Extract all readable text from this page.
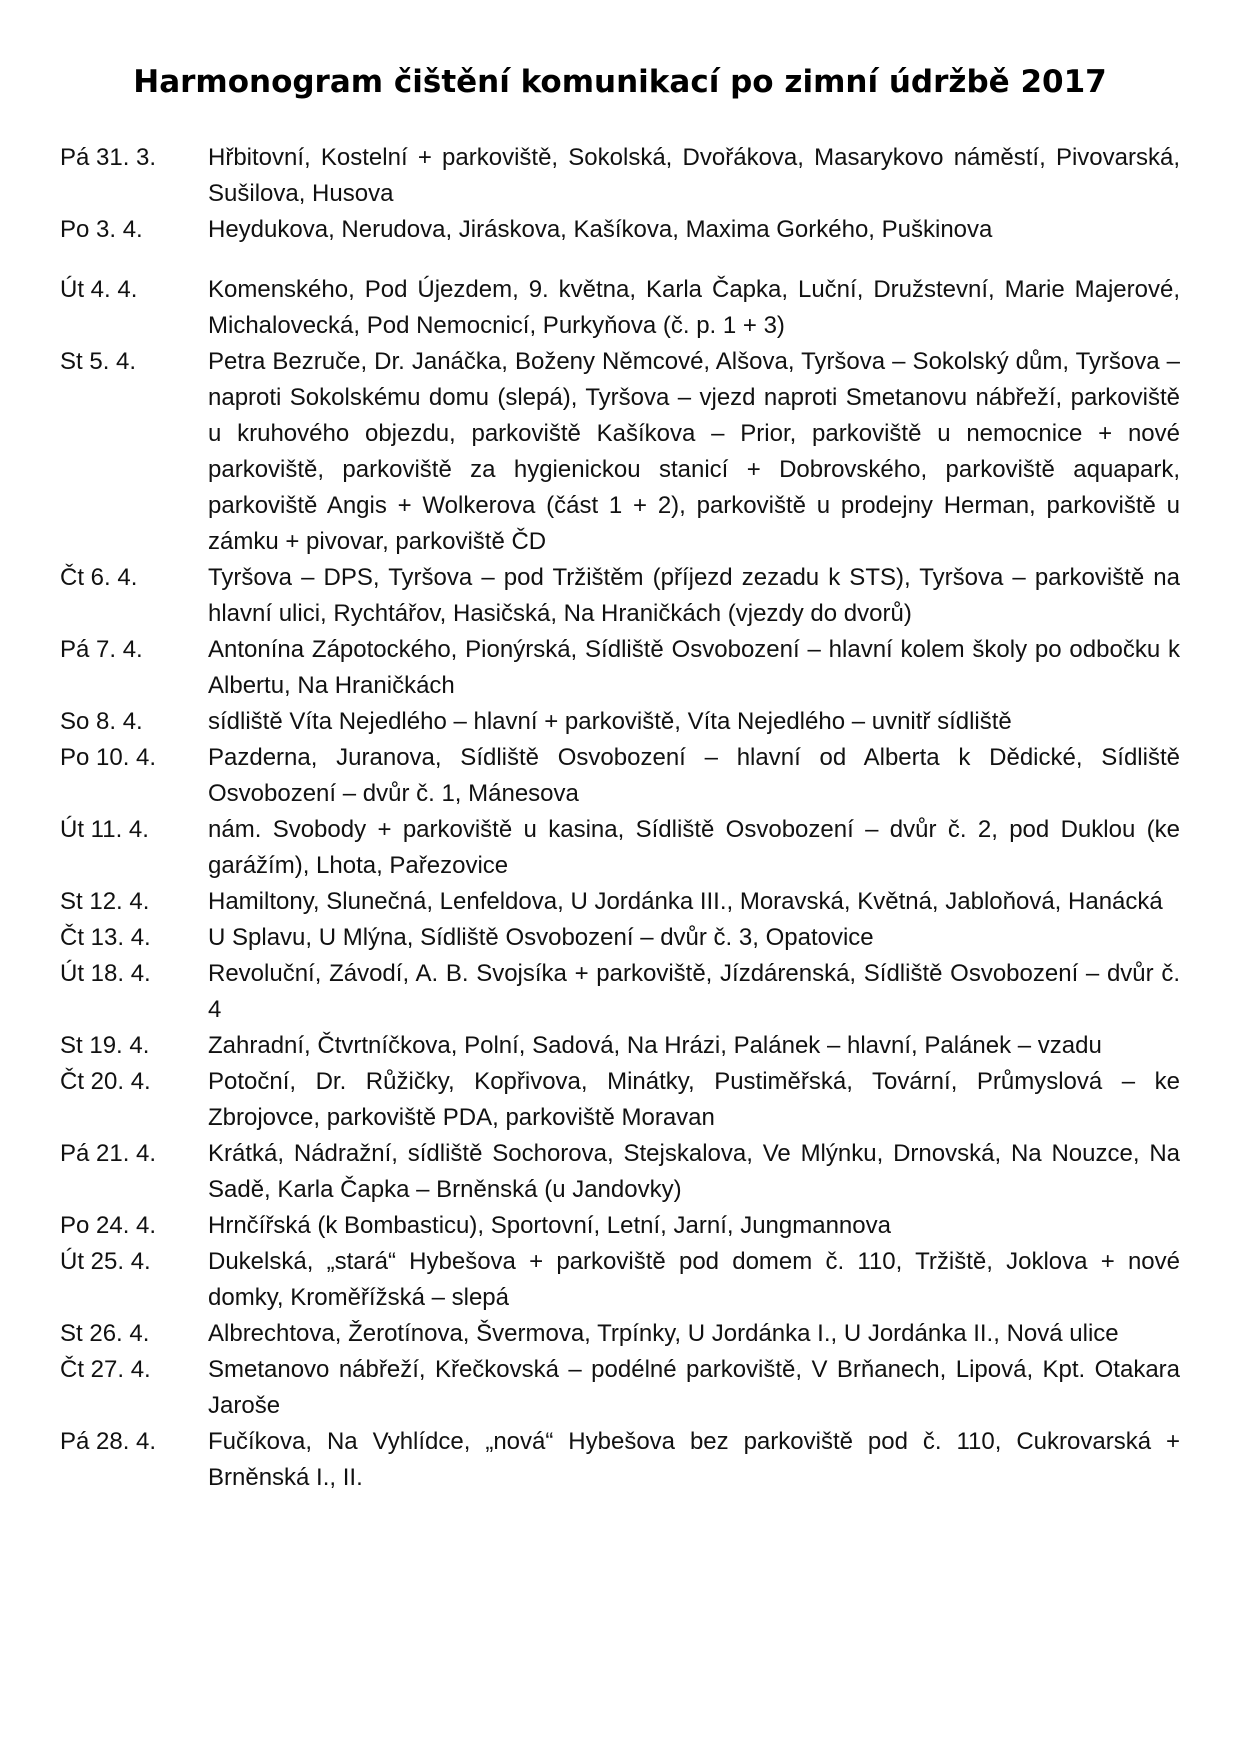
Harmonogram čištění komunikací po zimní údržbě 2017
Pá 31. 3.	Hřbitovní, Kostelní + parkoviště, Sokolská, Dvořákova, Masarykovo náměstí, Pivovarská, Sušilova, Husova
Po 3. 4.	Heydukova, Nerudova, Jiráskova, Kašíkova, Maxima Gorkého, Puškinova
Út 4. 4.	Komenského, Pod Újezdem, 9. května, Karla Čapka, Luční, Družstevní, Marie Majerové, Michalovecká, Pod Nemocnicí, Purkyňova (č. p. 1 + 3)
St 5. 4.	Petra Bezruče, Dr. Janáčka, Boženy Němcové, Alšova, Tyršova – Sokolský dům, Tyršova – naproti Sokolskému domu (slepá), Tyršova – vjezd naproti Smetanovu nábřeží, parkoviště u kruhového objezdu, parkoviště Kašíkova – Prior, parkoviště u nemocnice + nové parkoviště, parkoviště za hygienickou stanicí + Dobrovského, parkoviště aquapark, parkoviště Angis + Wolkerova (část 1 + 2), parkoviště u prodejny Herman, parkoviště u zámku + pivovar, parkoviště ČD
Čt 6. 4.	Tyršova – DPS, Tyršova – pod Tržištěm (příjezd zezadu k STS), Tyršova – parkoviště na hlavní ulici, Rychtářov, Hasičská, Na Hraničkách (vjezdy do dvorů)
Pá 7. 4.	Antonína Zápotockého, Pionýrská, Sídliště Osvobození – hlavní kolem školy po odbočku k Albertu, Na Hraničkách
So 8. 4.	sídliště Víta Nejedlého – hlavní + parkoviště, Víta Nejedlého – uvnitř sídliště
Po 10. 4.	Pazderna, Juranova, Sídliště Osvobození – hlavní od Alberta k Dědické, Sídliště Osvobození – dvůr č. 1, Mánesova
Út 11. 4.	nám. Svobody + parkoviště u kasina, Sídliště Osvobození – dvůr č. 2, pod Duklou (ke garážím), Lhota, Pařezovice
St 12. 4.	Hamiltony, Slunečná, Lenfeldova, U Jordánka III., Moravská, Květná, Jabloňová, Hanácká
Čt 13. 4.	U Splavu, U Mlýna, Sídliště Osvobození – dvůr č. 3, Opatovice
Út 18. 4.	Revoluční, Závodí, A. B. Svojsíka + parkoviště, Jízdárenská, Sídliště Osvobození – dvůr č. 4
St 19. 4.	Zahradní, Čtvrtníčkova, Polní, Sadová, Na Hrázi, Palánek – hlavní, Palánek – vzadu
Čt 20. 4.	Potoční, Dr. Růžičky, Kopřivova, Minátky, Pustiměřská, Tovární, Průmyslová – ke Zbrojovce, parkoviště PDA, parkoviště Moravan
Pá 21. 4.	Krátká, Nádražní, sídliště Sochorova, Stejskalova, Ve Mlýnku, Drnovská, Na Nouzce, Na Sadě, Karla Čapka – Brněnská (u Jandovky)
Po 24. 4.	Hrnčířská (k Bombasticu), Sportovní, Letní, Jarní, Jungmannova
Út 25. 4.	Dukelská, „stará“ Hybešova + parkoviště pod domem č. 110, Tržiště, Joklova + nové domky, Kroměřížská – slepá
St 26. 4.	Albrechtova, Žerotínova, Švermova, Trpínky, U Jordánka I., U Jordánka II., Nová ulice
Čt 27. 4.	Smetanovo nábřeží, Křečkovská – podélné parkoviště, V Brňanech, Lipová, Kpt. Otakara Jaroše
Pá 28. 4.	Fučíkova, Na Vyhlídce, „nová“ Hybešova bez parkoviště pod č. 110, Cukrovarská + Brněnská I., II.
